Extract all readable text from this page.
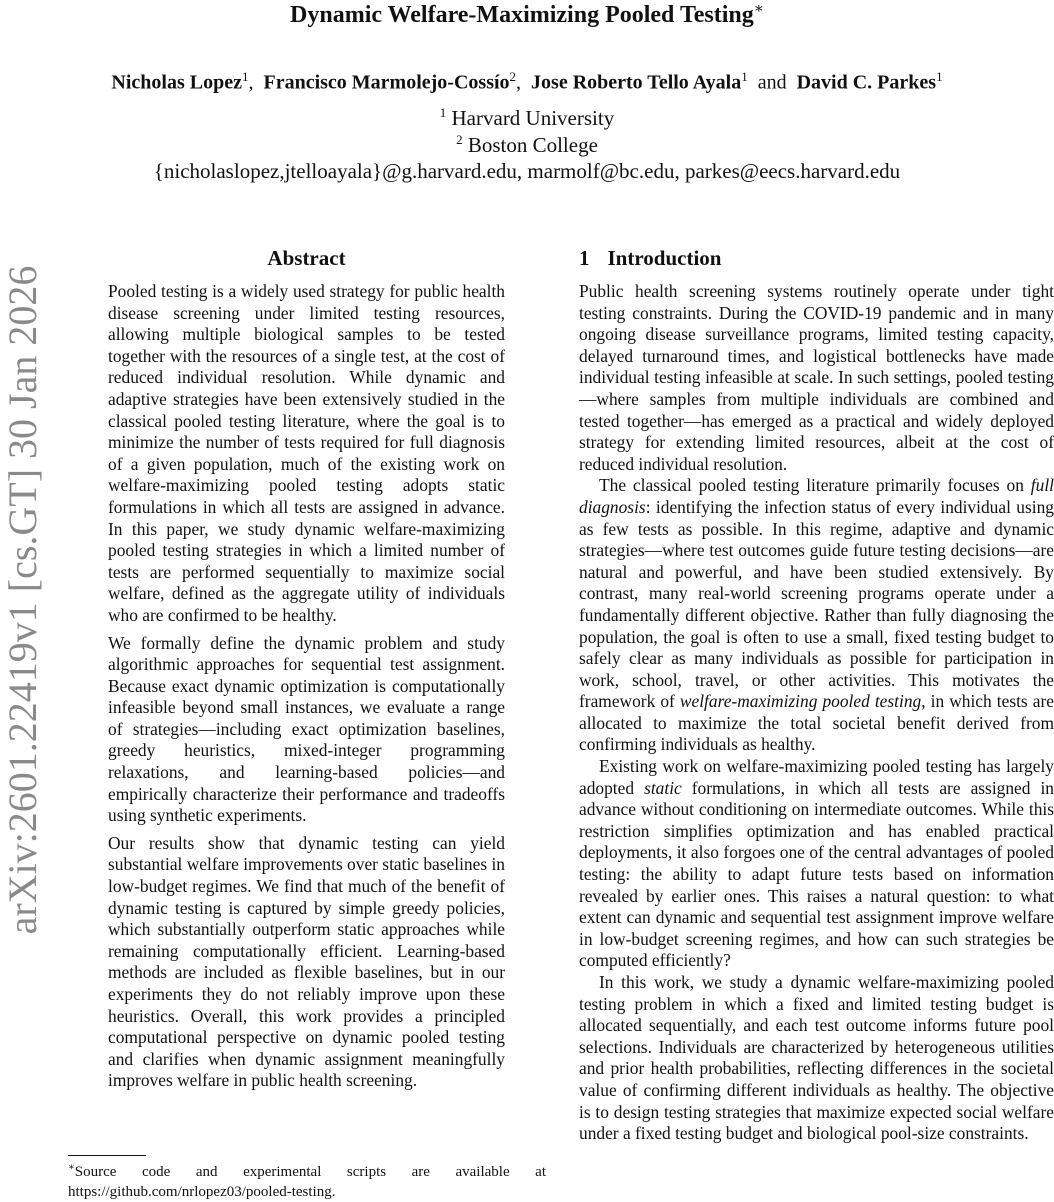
Dynamic Welfare-Maximizing Pooled Testing∗
Nicholas Lopez$^1$,  Francisco Marmolejo-Cossío$^2$,  Jose Roberto Tello Ayala$^1$ and David C. Parkes$^1$
$^1$ Harvard University
$^2$ Boston College
{nicholaslopez,jtelloayala}@g.harvard.edu, marmolf@bc.edu, parkes@eecs.harvard.edu
arXiv:2601.22419v1 [cs.GT] 30 Jan 2026
Abstract

Pooled testing is a widely used strategy for public health disease screening under limited testing resources, allowing multiple biological samples to be tested together with the resources of a single test, at the cost of reduced individual resolution. While dynamic and adaptive strategies have been extensively studied in the classical pooled testing literature, where the goal is to minimize the number of tests required for full diagnosis of a given population, much of the existing work on welfare-maximizing pooled testing adopts static formulations in which all tests are assigned in advance. In this paper, we study dynamic welfare-maximizing pooled testing strategies in which a limited number of tests are performed sequentially to maximize social welfare, defined as the aggregate utility of individuals who are confirmed to be healthy.

We formally define the dynamic problem and study algorithmic approaches for sequential test assignment. Because exact dynamic optimization is computationally infeasible beyond small instances, we evaluate a range of strategies—including exact optimization baselines, greedy heuristics, mixed-integer programming relaxations, and learning-based policies—and empirically characterize their performance and tradeoffs using synthetic experiments.

Our results show that dynamic testing can yield substantial welfare improvements over static baselines in low-budget regimes. We find that much of the benefit of dynamic testing is captured by simple greedy policies, which substantially outperform static approaches while remaining computationally efficient. Learning-based methods are included as flexible baselines, but in our experiments they do not reliably improve upon these heuristics. Overall, this work provides a principled computational perspective on dynamic pooled testing and clarifies when dynamic assignment meaningfully improves welfare in public health screening.

1 Introduction

Public health screening systems routinely operate under tight testing constraints. During the COVID-19 pandemic and in many ongoing disease surveillance programs, limited testing capacity, delayed turnaround times, and logistical bottlenecks have made individual testing infeasible at scale. In such settings, pooled testing—where samples from multiple individuals are combined and tested together—has emerged as a practical and widely deployed strategy for extending limited resources, albeit at the cost of reduced individual resolution.

The classical pooled testing literature primarily focuses on full diagnosis: identifying the infection status of every individual using as few tests as possible. In this regime, adaptive and dynamic strategies—where test outcomes guide future testing decisions—are natural and powerful, and have been studied extensively. By contrast, many real-world screening programs operate under a fundamentally different objective. Rather than fully diagnosing the population, the goal is often to use a small, fixed testing budget to safely clear as many individuals as possible for participation in work, school, travel, or other activities. This motivates the framework of welfare-maximizing pooled testing, in which tests are allocated to maximize the total societal benefit derived from confirming individuals as healthy.

Existing work on welfare-maximizing pooled testing has largely adopted static formulations, in which all tests are assigned in advance without conditioning on intermediate outcomes. While this restriction simplifies optimization and has enabled practical deployments, it also forgoes one of the central advantages of pooled testing: the ability to adapt future tests based on information revealed by earlier ones. This raises a natural question: to what extent can dynamic and sequential test assignment improve welfare in low-budget screening regimes, and how can such strategies be computed efficiently?

In this work, we study a dynamic welfare-maximizing pooled testing problem in which a fixed and limited testing budget is allocated sequentially, and each test outcome informs future pool selections. Individuals are characterized by heterogeneous utilities and prior health probabilities, reflecting differences in the societal value of confirming different individuals as healthy. The objective is to design testing strategies that maximize expected social welfare under a fixed testing budget and biological pool-size constraints.

∗Source code and experimental scripts are available at https://github.com/nrlopez03/pooled-testing.
